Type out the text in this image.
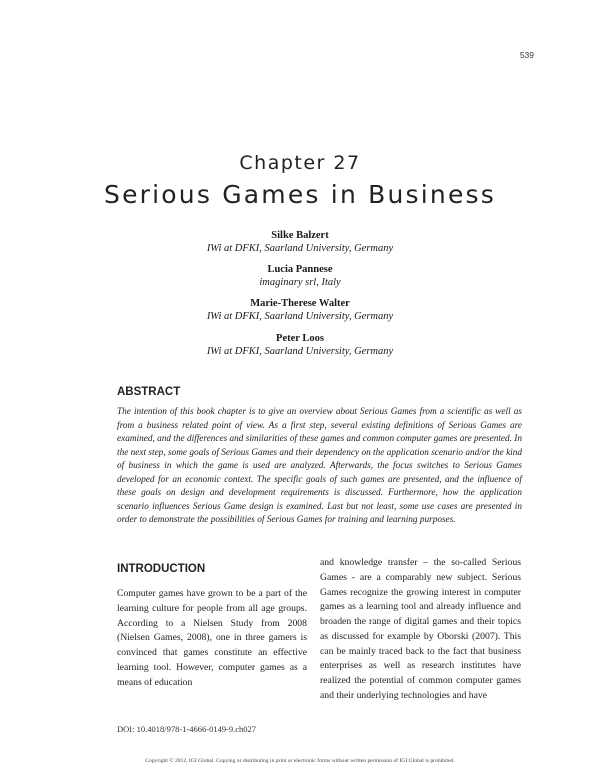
539
Chapter 27
Serious Games in Business
Silke Balzert
IWi at DFKI, Saarland University, Germany
Lucia Pannese
imaginary srl, Italy
Marie-Therese Walter
IWi at DFKI, Saarland University, Germany
Peter Loos
IWi at DFKI, Saarland University, Germany
ABSTRACT
The intention of this book chapter is to give an overview about Serious Games from a scientific as well as from a business related point of view. As a first step, several existing definitions of Serious Games are examined, and the differences and similarities of these games and common computer games are presented. In the next step, some goals of Serious Games and their dependency on the application scenario and/or the kind of business in which the game is used are analyzed. Afterwards, the focus switches to Serious Games developed for an economic context. The specific goals of such games are presented, and the influence of these goals on design and development requirements is discussed. Furthermore, how the application scenario influences Serious Game design is examined. Last but not least, some use cases are presented in order to demonstrate the possibilities of Serious Games for training and learning purposes.
INTRODUCTION
Computer games have grown to be a part of the learning culture for people from all age groups. According to a Nielsen Study from 2008 (Nielsen Games, 2008), one in three gamers is convinced that games constitute an effective learning tool. However, computer games as a means of education
and knowledge transfer – the so-called Serious Games - are a comparably new subject. Serious Games recognize the growing interest in computer games as a learning tool and already influence and broaden the range of digital games and their topics as discussed for example by Oborski (2007). This can be mainly traced back to the fact that business enterprises as well as research institutes have realized the potential of common computer games and their underlying technologies and have
DOI: 10.4018/978-1-4666-0149-9.ch027
Copyright © 2012, IGI Global. Copying or distributing in print or electronic forms without written permission of IGI Global is prohibited.
